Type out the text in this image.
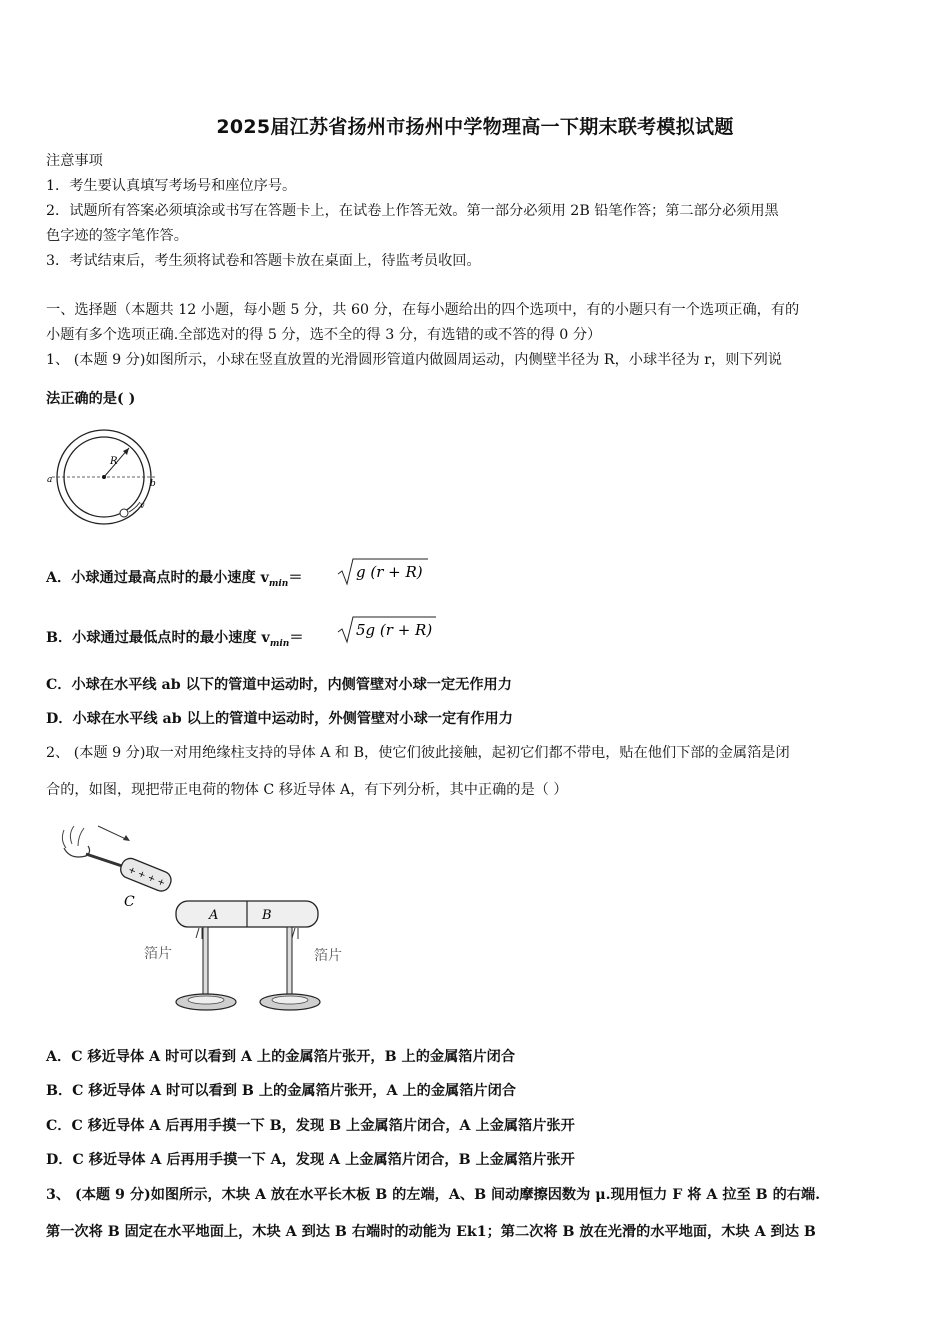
2025届江苏省扬州市扬州中学物理高一下期末联考模拟试题
注意事项
1．考生要认真填写考场号和座位序号。
2．试题所有答案必须填涂或书写在答题卡上，在试卷上作答无效。第一部分必须用 2B 铅笔作答；第二部分必须用黑
色字迹的签字笔作答。
3．考试结束后，考生须将试卷和答题卡放在桌面上，待监考员收回。
一、选择题（本题共 12 小题，每小题 5 分，共 60 分，在每小题给出的四个选项中，有的小题只有一个选项正确，有的
小题有多个选项正确.全部选对的得 5 分，选不全的得 3 分，有选错的或不答的得 0 分）
1、 (本题 9 分)如图所示，小球在竖直放置的光滑圆形管道内做圆周运动，内侧壁半径为 R，小球半径为 r，则下列说
法正确的是( )
R
a	b
v
A．小球通过最高点时的最小速度 $v_{min}=$	g (r + R)
B．小球通过最低点时的最小速度 $v_{min}=$	5g (r + R)
C．小球在水平线 ab 以下的管道中运动时，内侧管壁对小球一定无作用力
D．小球在水平线 ab 以上的管道中运动时，外侧管壁对小球一定有作用力
2、 (本题 9 分)取一对用绝缘柱支持的导体 A 和 B，使它们彼此接触，起初它们都不带电，贴在他们下部的金属箔是闭
合的，如图，现把带正电荷的物体 C 移近导体 A，有下列分析，其中正确的是（ ）
+ + + +
C
A	B
箔片	箔片
A．C 移近导体 A 时可以看到 A 上的金属箔片张开，B 上的金属箔片闭合
B．C 移近导体 A 时可以看到 B 上的金属箔片张开，A 上的金属箔片闭合
C．C 移近导体 A 后再用手摸一下 B，发现 B 上金属箔片闭合，A 上金属箔片张开
D．C 移近导体 A 后再用手摸一下 A，发现 A 上金属箔片闭合，B 上金属箔片张开
3、 (本题 9 分)如图所示，木块 A 放在水平长木板 B 的左端，A、B 间动摩擦因数为 μ.现用恒力 F 将 A 拉至 B 的右端.
第一次将 B 固定在水平地面上，木块 A 到达 B 右端时的动能为 Ek1；第二次将 B 放在光滑的水平地面，木块 A 到达 B
